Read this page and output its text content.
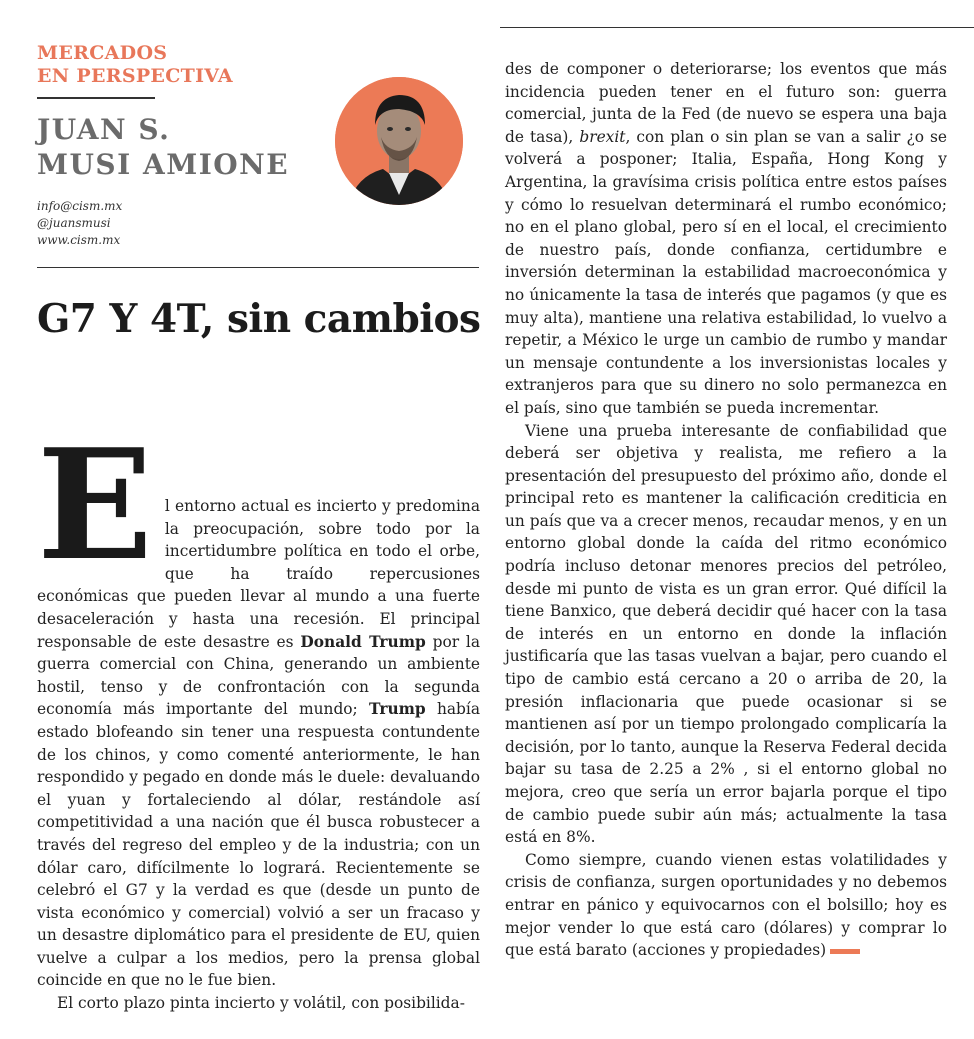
MERCADOS
EN PERSPECTIVA
JUAN S.
MUSI AMIONE
info@cism.mx
@juansmusi
www.cism.mx
G7 Y 4T, sin cambios

El entorno actual es incierto y predomina la preocupación, sobre todo por la incertidumbre política en todo el orbe, que ha traído repercusiones económicas que pueden llevar al mundo a una fuerte desaceleración y hasta una recesión. El principal responsable de este desastre es Donald Trump por la guerra comercial con China, generando un ambiente hostil, tenso y de confrontación con la segunda economía más importante del mundo; Trump había estado blofeando sin tener una respuesta contundente de los chinos, y como comenté anteriormente, le han respondido y pegado en donde más le duele: devaluando el yuan y fortaleciendo al dólar, restándole así competitividad a una nación que él busca robustecer a través del regreso del empleo y de la industria; con un dólar caro, difícilmente lo logrará. Recientemente se celebró el G7 y la verdad es que (desde un punto de vista económico y comercial) volvió a ser un fracaso y un desastre diplomático para el presidente de EU, quien vuelve a culpar a los medios, pero la prensa global coincide en que no le fue bien.

El corto plazo pinta incierto y volátil, con posibilida-

des de componer o deteriorarse; los eventos que más incidencia pueden tener en el futuro son: guerra comercial, junta de la Fed (de nuevo se espera una baja de tasa), brexit, con plan o sin plan se van a salir ¿o se volverá a posponer; Italia, España, Hong Kong y Argentina, la gravísima crisis política entre estos países y cómo lo resuelvan determinará el rumbo económico; no en el plano global, pero sí en el local, el crecimiento de nuestro país, donde confianza, certidumbre e inversión determinan la estabilidad macroeconómica y no únicamente la tasa de interés que pagamos (y que es muy alta), mantiene una relativa estabilidad, lo vuelvo a repetir, a México le urge un cambio de rumbo y mandar un mensaje contundente a los inversionistas locales y extranjeros para que su dinero no solo permanezca en el país, sino que también se pueda incrementar.

Viene una prueba interesante de confiabilidad que deberá ser objetiva y realista, me refiero a la presentación del presupuesto del próximo año, donde el principal reto es mantener la calificación crediticia en un país que va a crecer menos, recaudar menos, y en un entorno global donde la caída del ritmo económico podría incluso detonar menores precios del petróleo, desde mi punto de vista es un gran error. Qué difícil la tiene Banxico, que deberá decidir qué hacer con la tasa de interés en un entorno en donde la inflación justificaría que las tasas vuelvan a bajar, pero cuando el tipo de cambio está cercano a 20 o arriba de 20, la presión inflacionaria que puede ocasionar si se mantienen así por un tiempo prolongado complicaría la decisión, por lo tanto, aunque la Reserva Federal decida bajar su tasa de 2.25 a 2% , si el entorno global no mejora, creo que sería un error bajarla porque el tipo de cambio puede subir aún más; actualmente la tasa está en 8%.

Como siempre, cuando vienen estas volatilidades y crisis de confianza, surgen oportunidades y no debemos entrar en pánico y equivocarnos con el bolsillo; hoy es mejor vender lo que está caro (dólares) y comprar lo que está barato (acciones y propiedades)
